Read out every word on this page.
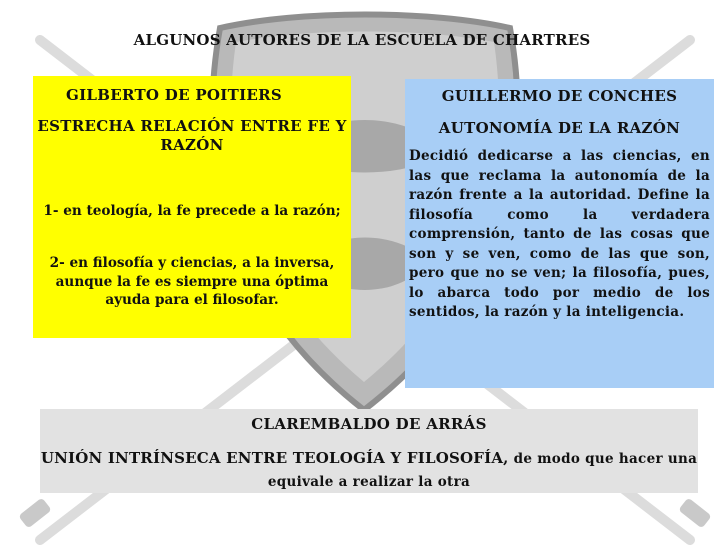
ALGUNOS AUTORES DE LA ESCUELA DE CHARTRES
GILBERTO DE POITIERS
ESTRECHA RELACIÓN ENTRE FE Y RAZÓN
1- en teología, la fe precede a la razón;
2- en filosofía y ciencias, a la inversa, aunque la fe es siempre una óptima ayuda para el filosofar.
GUILLERMO DE CONCHES
AUTONOMÍA DE LA RAZÓN
Decidió dedicarse a las ciencias, en las que reclama la autonomía de la razón frente a la autoridad. Define la filosofía como la verdadera comprensión, tanto de las cosas que son y se ven, como de las que son, pero que no se ven; la filosofía, pues, lo abarca todo por medio de los sentidos, la razón y la inteligencia.
CLAREMBALDO DE ARRÁS
UNIÓN INTRÍNSECA ENTRE TEOLOGÍA Y FILOSOFÍA, de modo que hacer una equivale a realizar la otra
